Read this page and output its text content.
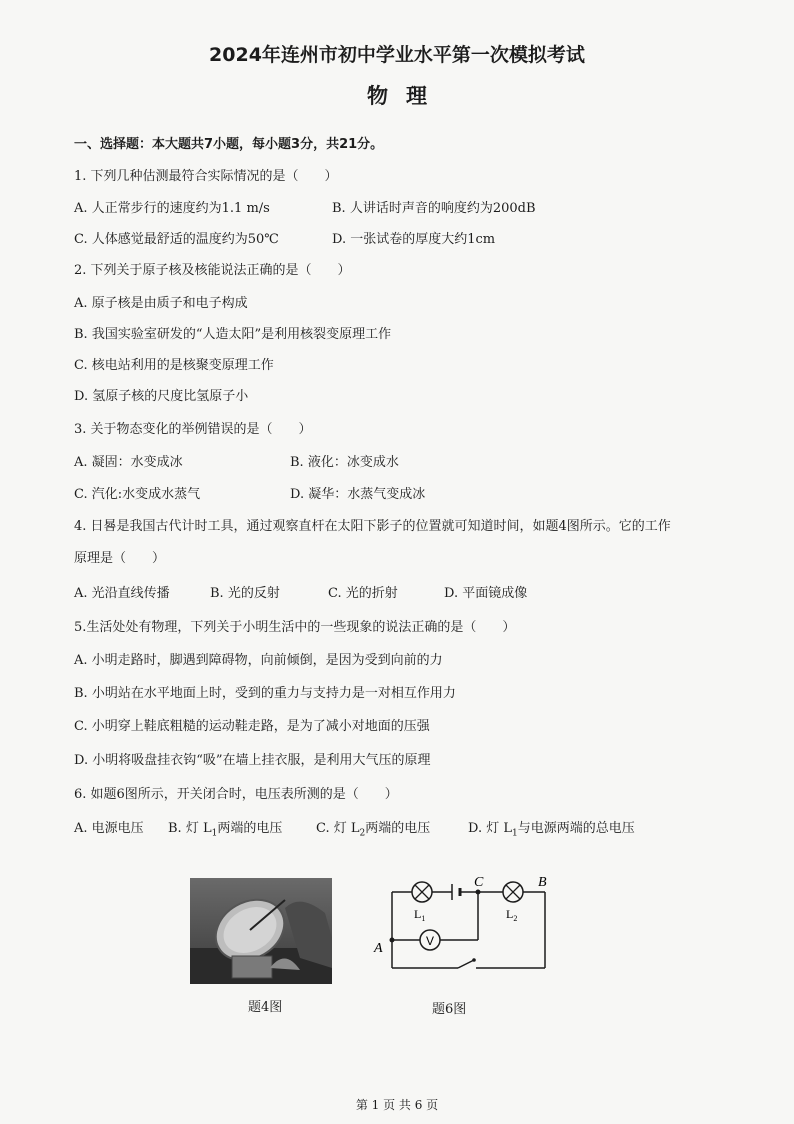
2024年连州市初中学业水平第一次模拟考试
物理
一、选择题：本大题共7小题，每小题3分，共21分。
1. 下列几种估测最符合实际情况的是（　　）
A. 人正常步行的速度约为1.1 m/s	B. 人讲话时声音的响度约为200dB
C. 人体感觉最舒适的温度约为50℃	D. 一张试卷的厚度大约1cm
2. 下列关于原子核及核能说法正确的是（　　）
A. 原子核是由质子和电子构成
B. 我国实验室研发的“人造太阳”是利用核裂变原理工作
C. 核电站利用的是核聚变原理工作
D. 氢原子核的尺度比氢原子小
3. 关于物态变化的举例错误的是（　　）
A. 凝固：水变成冰	B. 液化：冰变成水
C. 汽化:水变成水蒸气	D. 凝华：水蒸气变成冰
4. 日晷是我国古代计时工具，通过观察直杆在太阳下影子的位置就可知道时间，如题4图所示。它的工作
原理是（　　）
A. 光沿直线传播	B. 光的反射	C. 光的折射	D. 平面镜成像
5.生活处处有物理，下列关于小明生活中的一些现象的说法正确的是（　　）
A. 小明走路时，脚遇到障碍物，向前倾倒，是因为受到向前的力
B. 小明站在水平地面上时，受到的重力与支持力是一对相互作用力
C. 小明穿上鞋底粗糙的运动鞋走路，是为了减小对地面的压强
D. 小明将吸盘挂衣钩“吸”在墙上挂衣服，是利用大气压的原理
6. 如题6图所示，开关闭合时，电压表所测的是（　　）
A. 电源电压 B. 灯 $L_1$两端的电压	C. 灯 $L_2$两端的电压	D. 灯 $L_1$与电源两端的总电压
题4图
V
C	B
A
$L_1$	$L_2$
题6图
第 1 页 共 6 页
